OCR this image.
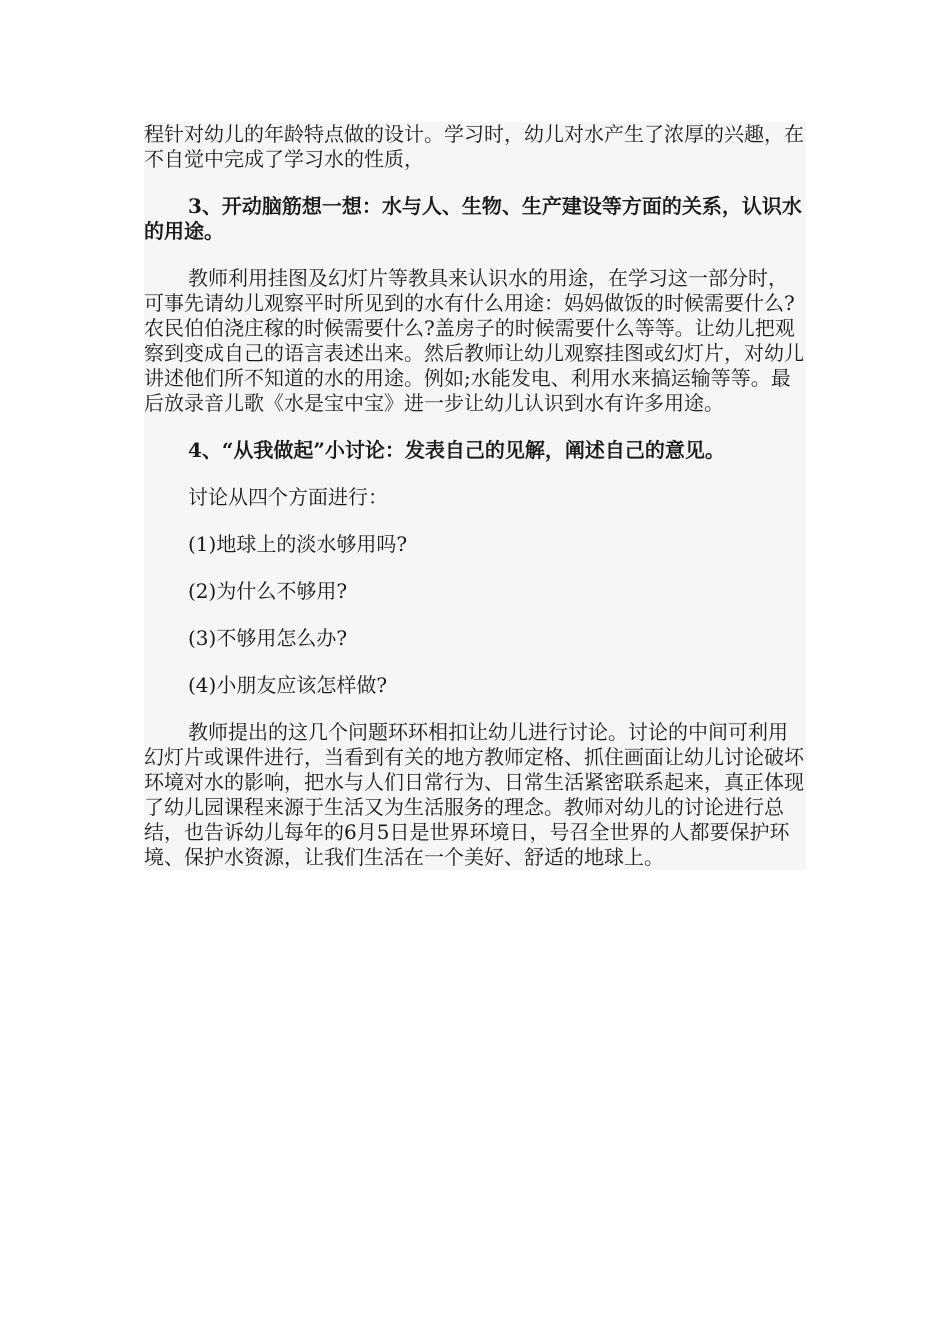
程针对幼儿的年龄特点做的设计。学习时，幼儿对水产生了浓厚的兴趣，在不自觉中完成了学习水的性质，

3、开动脑筋想一想：水与人、生物、生产建设等方面的关系，认识水的用途。

教师利用挂图及幻灯片等教具来认识水的用途，在学习这一部分时，可事先请幼儿观察平时所见到的水有什么用途：妈妈做饭的时候需要什么?农民伯伯浇庄稼的时候需要什么?盖房子的时候需要什么等等。让幼儿把观察到变成自己的语言表述出来。然后教师让幼儿观察挂图或幻灯片，对幼儿讲述他们所不知道的水的用途。例如;水能发电、利用水来搞运输等等。最后放录音儿歌《水是宝中宝》进一步让幼儿认识到水有许多用途。

4、“从我做起”小讨论：发表自己的见解，阐述自己的意见。

讨论从四个方面进行：

(1)地球上的淡水够用吗?

(2)为什么不够用?

(3)不够用怎么办?

(4)小朋友应该怎样做?

教师提出的这几个问题环环相扣让幼儿进行讨论。讨论的中间可利用幻灯片或课件进行，当看到有关的地方教师定格、抓住画面让幼儿讨论破坏环境对水的影响，把水与人们日常行为、日常生活紧密联系起来，真正体现了幼儿园课程来源于生活又为生活服务的理念。教师对幼儿的讨论进行总结，也告诉幼儿每年的6月5日是世界环境日，号召全世界的人都要保护环境、保护水资源，让我们生活在一个美好、舒适的地球上。
